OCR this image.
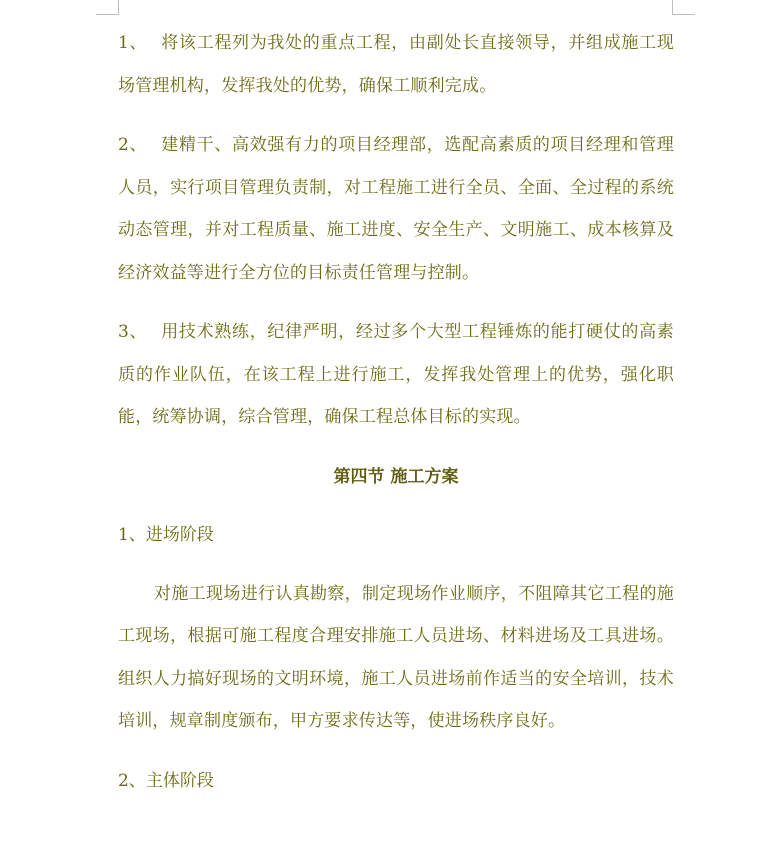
1、 将该工程列为我处的重点工程，由副处长直接领导，并组成施工现场管理机构，发挥我处的优势，确保工顺利完成。

2、 建精干、高效强有力的项目经理部，选配高素质的项目经理和管理人员，实行项目管理负责制，对工程施工进行全员、全面、全过程的系统动态管理，并对工程质量、施工进度、安全生产、文明施工、成本核算及经济效益等进行全方位的目标责任管理与控制。

3、 用技术熟练，纪律严明，经过多个大型工程锤炼的能打硬仗的高素质的作业队伍，在该工程上进行施工，发挥我处管理上的优势，强化职能，统筹协调，综合管理，确保工程总体目标的实现。

第四节 施工方案

1、进场阶段

对施工现场进行认真勘察，制定现场作业顺序，不阻障其它工程的施工现场，根据可施工程度合理安排施工人员进场、材料进场及工具进场。组织人力搞好现场的文明环境，施工人员进场前作适当的安全培训，技术培训，规章制度颁布，甲方要求传达等，使进场秩序良好。

2、主体阶段
